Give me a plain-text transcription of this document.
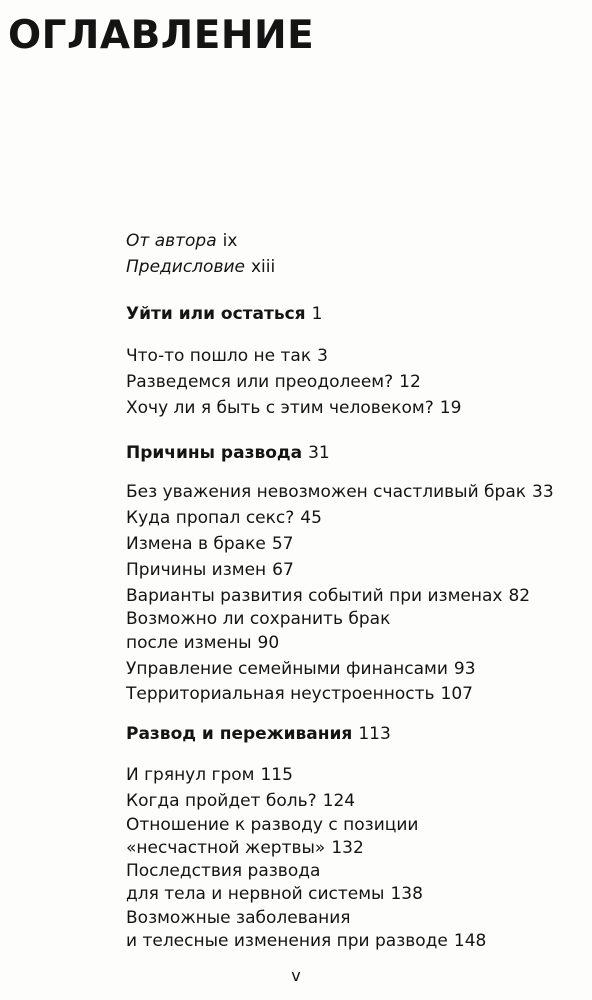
ОГЛАВЛЕНИЕ
От автора ix
Предисловие xiii
Уйти или остаться 1
Что-то пошло не так 3
Разведемся или преодолеем? 12
Хочу ли я быть с этим человеком? 19
Причины развода 31
Без уважения невозможен счастливый брак 33
Куда пропал секс? 45
Измена в браке 57
Причины измен 67
Варианты развития событий при изменах 82
Возможно ли сохранить брак
после измены 90
Управление семейными финансами 93
Территориальная неустроенность 107
Развод и переживания 113
И грянул гром 115
Когда пройдет боль? 124
Отношение к разводу с позиции
«несчастной жертвы» 132
Последствия развода
для тела и нервной системы 138
Возможные заболевания
и телесные изменения при разводе 148
v
